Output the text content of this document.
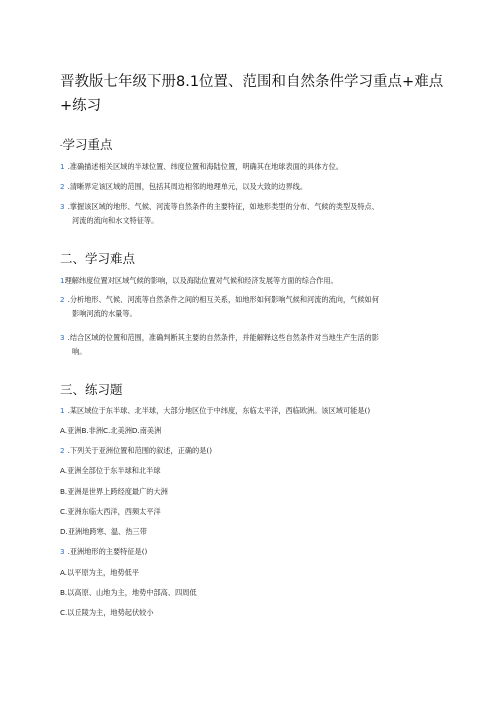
晋教版七年级下册8.1位置、范围和自然条件学习重点+难点
+练习
-学习重点
1 .准确描述相关区域的半球位置、纬度位置和海陆位置，明确其在地球表面的具体方位。
2 .清晰界定该区域的范围，包括其周边相邻的地理单元，以及大致的边界线。
3 .掌握该区域的地形、气候、河流等自然条件的主要特征，如地形类型的分布、气候的类型及特点、
河流的流向和水文特征等。
二、学习难点
1理解纬度位置对区域气候的影响，以及海陆位置对气候和经济发展等方面的综合作用。
2 .分析地形、气候、河流等自然条件之间的相互关系，如地形如何影响气候和河流的流向，气候如何
影响河流的水量等。
3 .结合区域的位置和范围，准确判断其主要的自然条件，并能解释这些自然条件对当地生产生活的影
响。
三、练习题
1 .某区域位于东半球、北半球，大部分地区位于中纬度，东临太平洋，西临欧洲。该区域可能是()
A.亚洲B.非洲C.北美洲D.南美洲
2 .下列关于亚洲位置和范围的叙述，正确的是()
A.亚洲全部位于东半球和北半球
B.亚洲是世界上跨经度最广的大洲
C.亚洲东临大西洋，西频太平洋
D.亚洲地跨寒、温、热三带
3 .亚洲地形的主要特征是()
A.以平原为主，地势低平
B.以高原、山地为主，地势中部高、四周低
C.以丘陵为主，地势起伏较小
